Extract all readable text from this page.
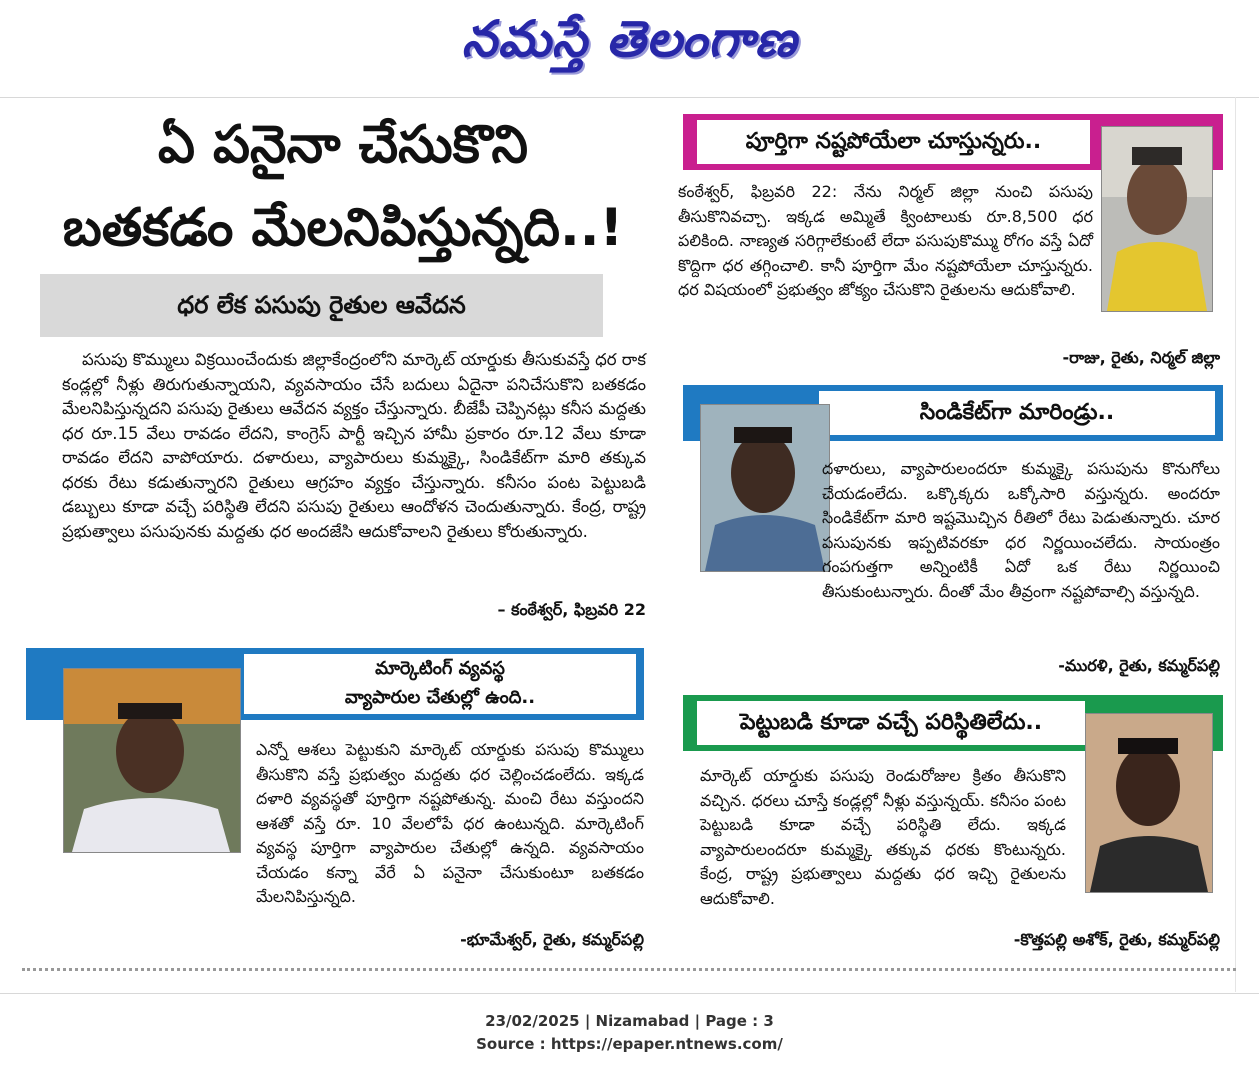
నమస్తే తెలంగాణ
ఏ పనైనా చేసుకొని
బతకడం మేలనిపిస్తున్నది..!
ధర లేక పసుపు రైతుల ఆవేదన

పసుపు కొమ్ములు విక్రయించేందుకు జిల్లాకేంద్రంలోని మార్కెట్ యార్డుకు తీసుకువస్తే ధర రాక కండ్లల్లో నీళ్లు తిరుగుతున్నాయని, వ్యవసాయం చేసే బదులు ఏదైనా పనిచేసుకొని బతకడం మేలనిపిస్తున్నదని పసుపు రైతులు ఆవేదన వ్యక్తం చేస్తున్నారు. బీజేపీ చెప్పినట్లు కనీస మద్దతు ధర రూ.15 వేలు రావడం లేదని, కాంగ్రెస్ పార్టీ ఇచ్చిన హామీ ప్రకారం రూ.12 వేలు కూడా రావడం లేదని వాపోయారు. దళారులు, వ్యాపారులు కుమ్మక్కై, సిండికేట్‌గా మారి తక్కువ ధరకు రేటు కడుతున్నారని రైతులు ఆగ్రహం వ్యక్తం చేస్తున్నారు. కనీసం పంట పెట్టుబడి డబ్బులు కూడా వచ్చే పరిస్థితి లేదని పసుపు రైతులు ఆందోళన చెందుతున్నారు. కేంద్ర, రాష్ట్ర ప్రభుత్వాలు పసుపునకు మద్దతు ధర అందజేసి ఆదుకోవాలని రైతులు కోరుతున్నారు.

– కంఠేశ్వర్, ఫిబ్రవరి 22
పూర్తిగా నష్టపోయేలా చూస్తున్నరు..

కంఠేశ్వర్, ఫిబ్రవరి 22: నేను నిర్మల్ జిల్లా నుంచి పసుపు తీసుకొనివచ్చా. ఇక్కడ అమ్మితే క్వింటాలుకు రూ.8,500 ధర పలికింది. నాణ్యత సరిగ్గాలేకుంటే లేదా పసుపుకొమ్ము రోగం వస్తే ఏదో కొద్దిగా ధర తగ్గించాలి. కానీ పూర్తిగా మేం నష్టపోయేలా చూస్తున్నరు. ధర విషయంలో ప్రభుత్వం జోక్యం చేసుకొని రైతులను ఆదుకోవాలి.

-రాజు, రైతు, నిర్మల్ జిల్లా
సిండికేట్‌గా మారిండ్రు..

దళారులు, వ్యాపారులందరూ కుమ్మక్కై పసుపును కొనుగోలు చేయడంలేదు. ఒక్కొక్కరు ఒక్కోసారి వస్తున్నరు. అందరూ సిండికేట్‌గా మారి ఇష్టమొచ్చిన రీతిలో రేటు పెడుతున్నారు. చూర పసుపునకు ఇప్పటివరకూ ధర నిర్ణయించలేదు. సాయంత్రం గంపగుత్తగా అన్నింటికీ ఏదో ఒక రేటు నిర్ణయించి తీసుకుంటున్నారు. దీంతో మేం తీవ్రంగా నష్టపోవాల్సి వస్తున్నది.

-మురళి, రైతు, కమ్మర్‌పల్లి
మార్కెటింగ్ వ్యవస్థ
వ్యాపారుల చేతుల్లో ఉంది..

ఎన్నో ఆశలు పెట్టుకుని మార్కెట్ యార్డుకు పసుపు కొమ్ములు తీసుకొని వస్తే ప్రభుత్వం మద్దతు ధర చెల్లించడంలేదు. ఇక్కడ దళారి వ్యవస్థతో పూర్తిగా నష్టపోతున్న. మంచి రేటు వస్తుందని ఆశతో వస్తే రూ. 10 వేలలోపే ధర ఉంటున్నది. మార్కెటింగ్ వ్యవస్థ పూర్తిగా వ్యాపారుల చేతుల్లో ఉన్నది. వ్యవసాయం చేయడం కన్నా వేరే ఏ పనైనా చేసుకుంటూ బతకడం మేలనిపిస్తున్నది.

-భూమేశ్వర్, రైతు, కమ్మర్‌పల్లి
పెట్టుబడి కూడా వచ్చే పరిస్థితిలేదు..

మార్కెట్ యార్డుకు పసుపు రెండురోజుల క్రితం తీసుకొని వచ్చిన. ధరలు చూస్తే కండ్లల్లో నీళ్లు వస్తున్నయ్. కనీసం పంట పెట్టుబడి కూడా వచ్చే పరిస్థితి లేదు. ఇక్కడ వ్యాపారులందరూ కుమ్మక్కై తక్కువ ధరకు కొంటున్నరు. కేంద్ర, రాష్ట్ర ప్రభుత్వాలు మద్దతు ధర ఇచ్చి రైతులను ఆదుకోవాలి.

-కొత్తపల్లి అశోక్, రైతు, కమ్మర్‌పల్లి
23/02/2025 | Nizamabad | Page : 3
Source : https://epaper.ntnews.com/
